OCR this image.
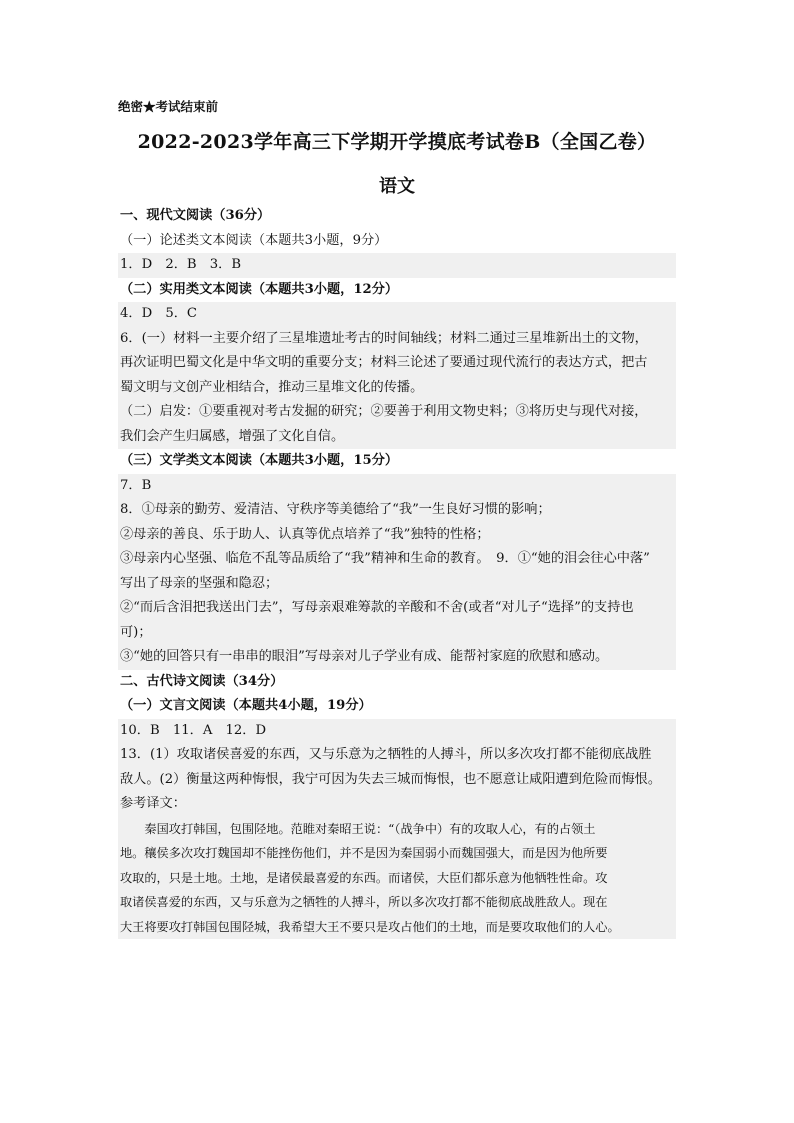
绝密★考试结束前
2022-2023学年高三下学期开学摸底考试卷B（全国乙卷）
语文
一、现代文阅读（36分）
（一）论述类文本阅读（本题共3小题，9分）
1．D　2．B　3．B
（二）实用类文本阅读（本题共3小题，12分）
4．D　5．C
6．(一）材料一主要介绍了三星堆遗址考古的时间轴线；材料二通过三星堆新出土的文物，
再次证明巴蜀文化是中华文明的重要分支；材料三论述了要通过现代流行的表达方式，把古
蜀文明与文创产业相结合，推动三星堆文化的传播。
（二）启发：①要重视对考古发掘的研究；②要善于利用文物史料；③将历史与现代对接，
我们会产生归属感，增强了文化自信。
（三）文学类文本阅读（本题共3小题，15分）
7．B
8．①母亲的勤劳、爱清洁、守秩序等美德给了“我”一生良好习惯的影响；
②母亲的善良、乐于助人、认真等优点培养了“我”独特的性格；
③母亲内心坚强、临危不乱等品质给了“我”精神和生命的教育。　9．①“她的泪会往心中落”
写出了母亲的坚强和隐忍；
②“而后含泪把我送出门去”，写母亲艰难筹款的辛酸和不舍(或者“对儿子“选择”的支持也
可)；
③“她的回答只有一串串的眼泪”写母亲对儿子学业有成、能帮衬家庭的欣慰和感动。
二、古代诗文阅读（34分）
（一）文言文阅读（本题共4小题，19分）
10．B　11．A　12．D
13．(1）攻取诸侯喜爱的东西，又与乐意为之牺牲的人搏斗，所以多次攻打都不能彻底战胜
敌人。(2）衡量这两种悔恨，我宁可因为失去三城而悔恨，也不愿意让咸阳遭到危险而悔恨。
参考译文：
秦国攻打韩国，包围陉地。范睢对秦昭王说：“（战争中）有的攻取人心，有的占领土
地。穰侯多次攻打魏国却不能挫伤他们，并不是因为秦国弱小而魏国强大，而是因为他所要
攻取的，只是土地。土地，是诸侯最喜爱的东西。而诸侯，大臣们都乐意为他牺牲性命。攻
取诸侯喜爱的东西，又与乐意为之牺牲的人搏斗，所以多次攻打都不能彻底战胜敌人。现在
大王将要攻打韩国包围陉城，我希望大王不要只是攻占他们的土地，而是要攻取他们的人心。
